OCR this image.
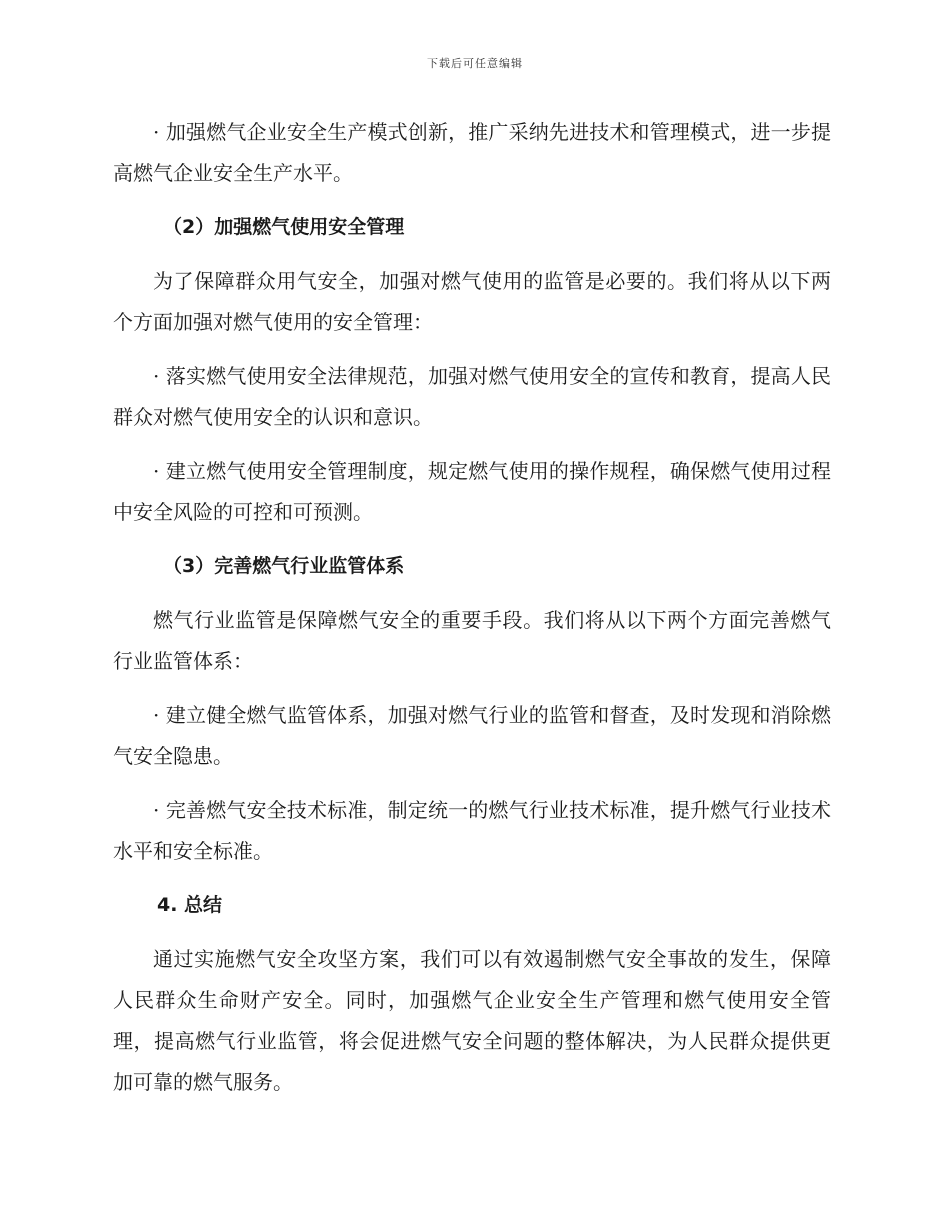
下载后可任意编辑

· 加强燃气企业安全生产模式创新，推广采纳先进技术和管理模式，进一步提高燃气企业安全生产水平。

（2）加强燃气使用安全管理

为了保障群众用气安全，加强对燃气使用的监管是必要的。我们将从以下两个方面加强对燃气使用的安全管理：

· 落实燃气使用安全法律规范，加强对燃气使用安全的宣传和教育，提高人民群众对燃气使用安全的认识和意识。

· 建立燃气使用安全管理制度，规定燃气使用的操作规程，确保燃气使用过程中安全风险的可控和可预测。

（3）完善燃气行业监管体系

燃气行业监管是保障燃气安全的重要手段。我们将从以下两个方面完善燃气行业监管体系：

· 建立健全燃气监管体系，加强对燃气行业的监管和督查，及时发现和消除燃气安全隐患。

· 完善燃气安全技术标准，制定统一的燃气行业技术标准，提升燃气行业技术水平和安全标准。

4. 总结

通过实施燃气安全攻坚方案，我们可以有效遏制燃气安全事故的发生，保障人民群众生命财产安全。同时，加强燃气企业安全生产管理和燃气使用安全管理，提高燃气行业监管，将会促进燃气安全问题的整体解决，为人民群众提供更加可靠的燃气服务。
